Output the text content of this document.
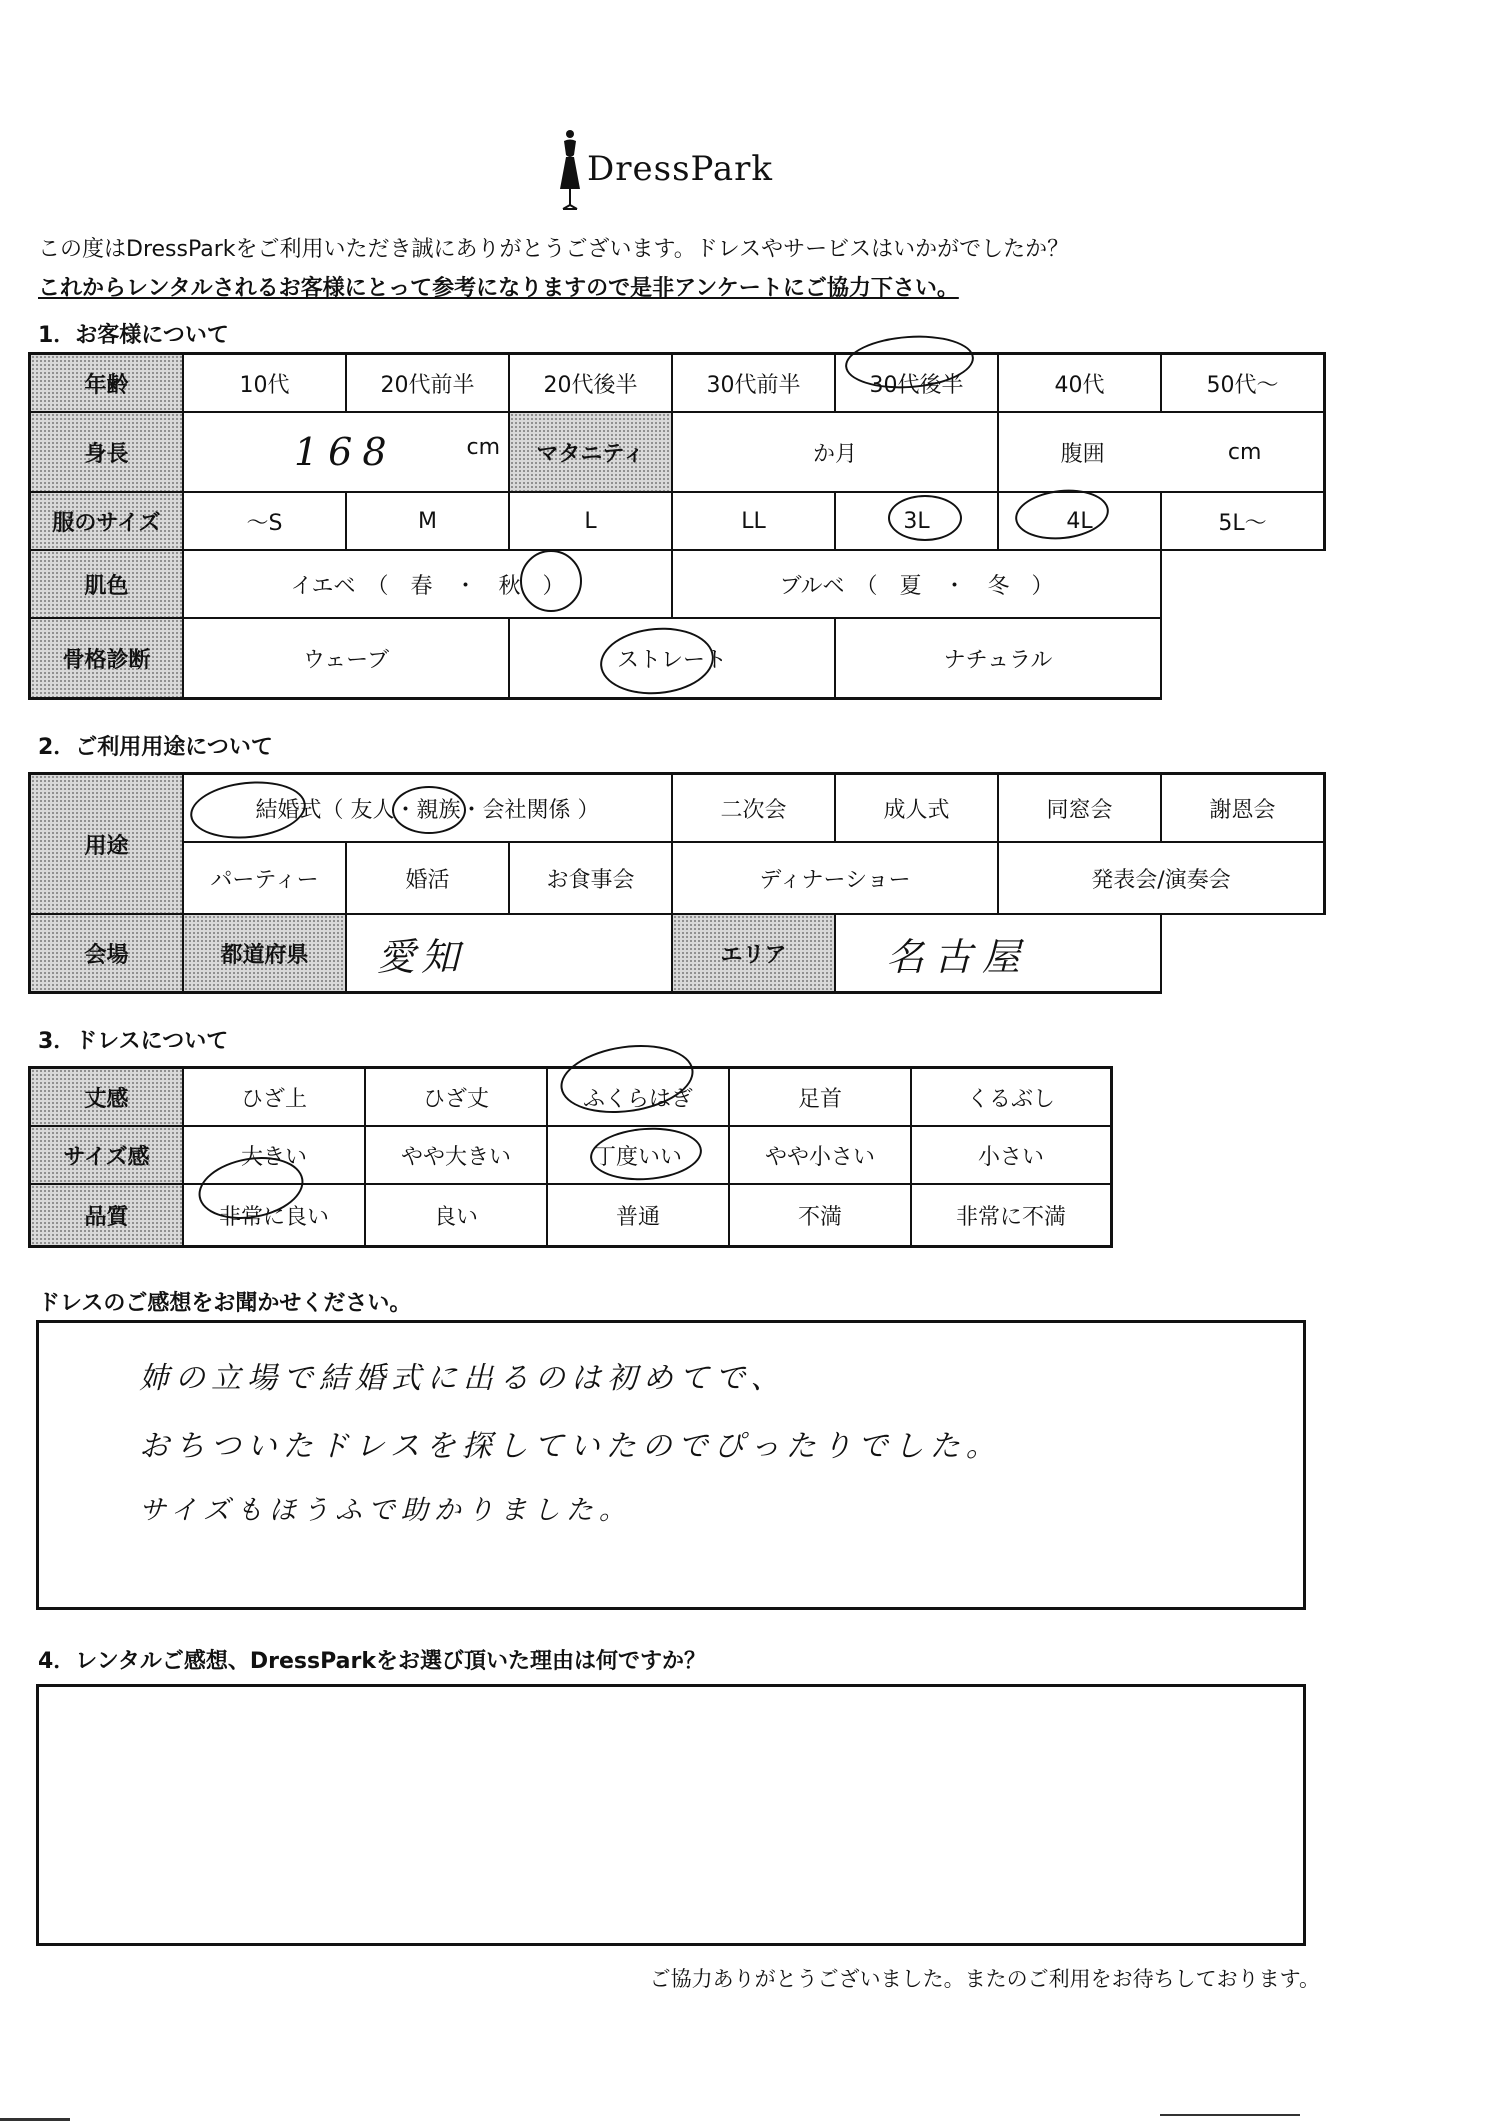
DressPark
この度はDressParkをご利用いただき誠にありがとうございます。ドレスやサービスはいかがでしたか？
これからレンタルされるお客様にとって参考になりますので是非アンケートにご協力下さい。
1．お客様について
年齢	10代	20代前半	20代後半	30代前半	30代後半	40代	50代～
身長	168	cm	マタニティ	か月	腹囲	cm
服のサイズ	～S	M	L	LL	3L	4L	5L～
肌色	イエベ　（　春　・　秋　）	ブルベ　（　夏　・　冬　）
骨格診断	ウェーブ	ストレート	ナチュラル
2．ご利用用途について
用途
結婚式（ 友人・親族・会社関係 ）	二次会	成人式	同窓会	謝恩会
パーティー	婚活	お食事会	ディナーショー	発表会/演奏会
会場	都道府県	愛知	エリア	名古屋
3．ドレスについて
丈感	ひざ上	ひざ丈	ふくらはぎ	足首	くるぶし
サイズ感	大きい	やや大きい	丁度いい	やや小さい	小さい
品質	非常に良い	良い	普通	不満	非常に不満
ドレスのご感想をお聞かせください。
姉の立場で結婚式に出るのは初めてで、
おちついたドレスを探していたのでぴったりでした。
サイズもほうふで助かりました。
4．レンタルご感想、DressParkをお選び頂いた理由は何ですか？
ご協力ありがとうございました。またのご利用をお待ちしております。
